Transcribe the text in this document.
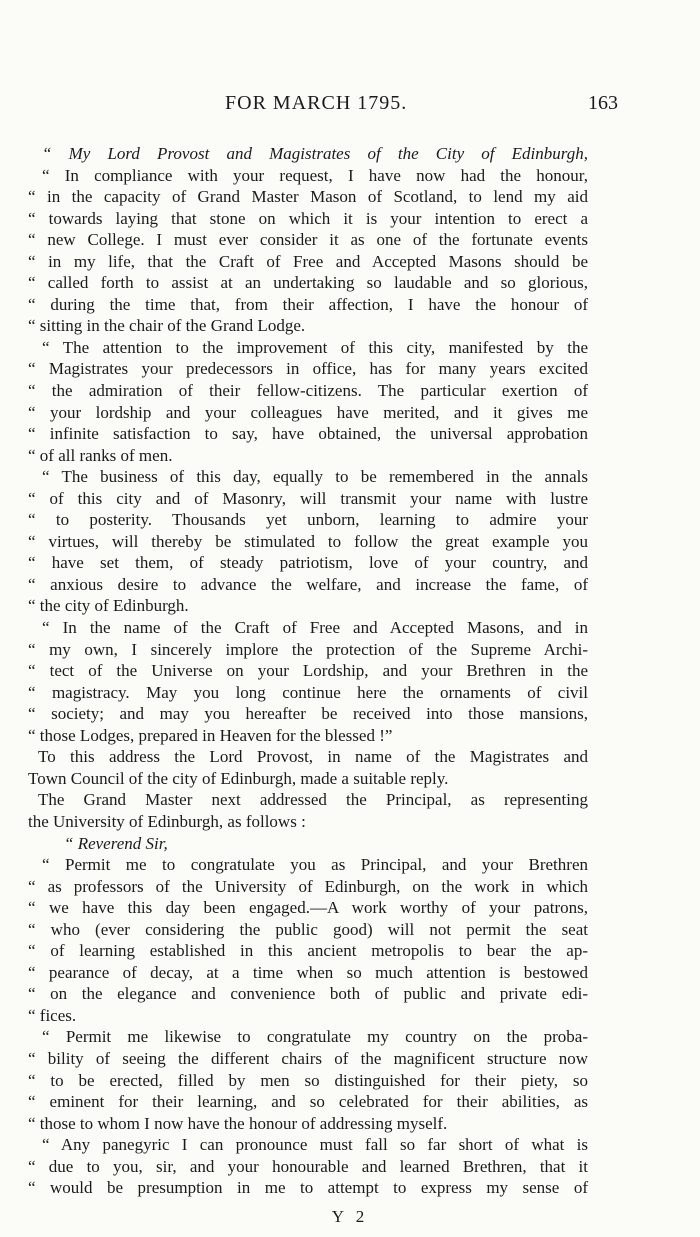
FOR MARCH 1795.	163
“ My Lord Provost and Magistrates of the City of Edinburgh,
“ In compliance with your request, I have now had the honour,
“ in the capacity of Grand Master Mason of Scotland, to lend my aid
“ towards laying that stone on which it is your intention to erect a
“ new College. I must ever consider it as one of the fortunate events
“ in my life, that the Craft of Free and Accepted Masons should be
“ called forth to assist at an undertaking so laudable and so glorious,
“ during the time that, from their affection, I have the honour of
“ sitting in the chair of the Grand Lodge.
“ The attention to the improvement of this city, manifested by the
“ Magistrates your predecessors in office, has for many years excited
“ the admiration of their fellow-citizens. The particular exertion of
“ your lordship and your colleagues have merited, and it gives me
“ infinite satisfaction to say, have obtained, the universal approbation
“ of all ranks of men.
“ The business of this day, equally to be remembered in the annals
“ of this city and of Masonry, will transmit your name with lustre
“ to posterity. Thousands yet unborn, learning to admire your
“ virtues, will thereby be stimulated to follow the great example you
“ have set them, of steady patriotism, love of your country, and
“ anxious desire to advance the welfare, and increase the fame, of
“ the city of Edinburgh.
“ In the name of the Craft of Free and Accepted Masons, and in
“ my own, I sincerely implore the protection of the Supreme Archi-
“ tect of the Universe on your Lordship, and your Brethren in the
“ magistracy. May you long continue here the ornaments of civil
“ society; and may you hereafter be received into those mansions,
“ those Lodges, prepared in Heaven for the blessed !”
To this address the Lord Provost, in name of the Magistrates and
Town Council of the city of Edinburgh, made a suitable reply.
The Grand Master next addressed the Principal, as representing
the University of Edinburgh, as follows :
“ Reverend Sir,
“ Permit me to congratulate you as Principal, and your Brethren
“ as professors of the University of Edinburgh, on the work in which
“ we have this day been engaged.—A work worthy of your patrons,
“ who (ever considering the public good) will not permit the seat
“ of learning established in this ancient metropolis to bear the ap-
“ pearance of decay, at a time when so much attention is bestowed
“ on the elegance and convenience both of public and private edi-
“ fices.
“ Permit me likewise to congratulate my country on the proba-
“ bility of seeing the different chairs of the magnificent structure now
“ to be erected, filled by men so distinguished for their piety, so
“ eminent for their learning, and so celebrated for their abilities, as
“ those to whom I now have the honour of addressing myself.
“ Any panegyric I can pronounce must fall so far short of what is
“ due to you, sir, and your honourable and learned Brethren, that it
“ would be presumption in me to attempt to express my sense of
Y 2
